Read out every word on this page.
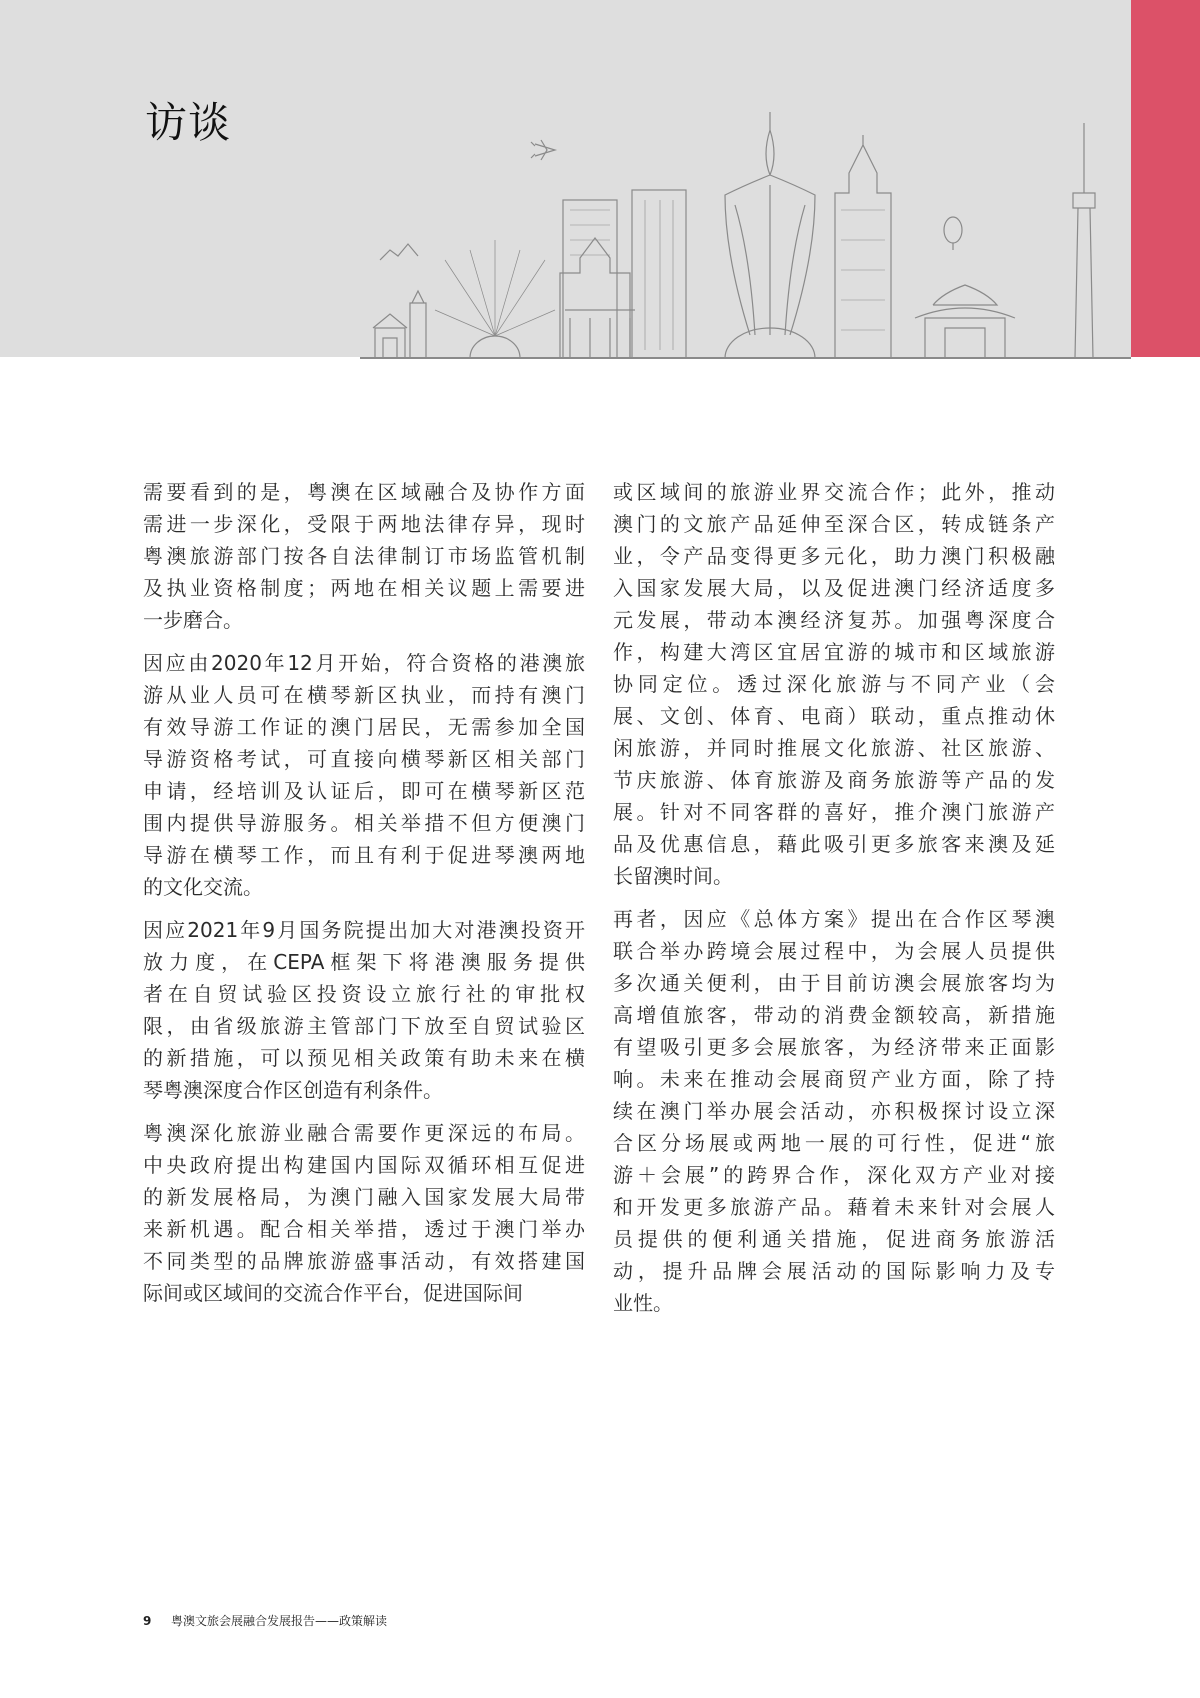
访谈
需要看到的是，粤澳在区域融合及协作方面
需进一步深化，受限于两地法律存异，现时
粤澳旅游部门按各自法律制订市场监管机制
及执业资格制度；两地在相关议题上需要进
一步磨合。
因应由2020年12月开始，符合资格的港澳旅
游从业人员可在横琴新区执业，而持有澳门
有效导游工作证的澳门居民，无需参加全国
导游资格考试，可直接向横琴新区相关部门
申请，经培训及认证后，即可在横琴新区范
围内提供导游服务。相关举措不但方便澳门
导游在横琴工作，而且有利于促进琴澳两地
的文化交流。
因应2021年9月国务院提出加大对港澳投资开
放力度，在CEPA框架下将港澳服务提供
者在自贸试验区投资设立旅行社的审批权
限，由省级旅游主管部门下放至自贸试验区
的新措施，可以预见相关政策有助未来在横
琴粤澳深度合作区创造有利条件。
粤澳深化旅游业融合需要作更深远的布局。
中央政府提出构建国内国际双循环相互促进
的新发展格局，为澳门融入国家发展大局带
来新机遇。配合相关举措，透过于澳门举办
不同类型的品牌旅游盛事活动，有效搭建国
际间或区域间的交流合作平台，促进国际间
或区域间的旅游业界交流合作；此外，推动
澳门的文旅产品延伸至深合区，转成链条产
业，令产品变得更多元化，助力澳门积极融
入国家发展大局，以及促进澳门经济适度多
元发展，带动本澳经济复苏。加强粤深度合
作，构建大湾区宜居宜游的城市和区域旅游
协同定位。透过深化旅游与不同产业（会
展、文创、体育、电商）联动，重点推动休
闲旅游，并同时推展文化旅游、社区旅游、
节庆旅游、体育旅游及商务旅游等产品的发
展。针对不同客群的喜好，推介澳门旅游产
品及优惠信息，藉此吸引更多旅客来澳及延
长留澳时间。
再者，因应《总体方案》提出在合作区琴澳
联合举办跨境会展过程中，为会展人员提供
多次通关便利，由于目前访澳会展旅客均为
高增值旅客，带动的消费金额较高，新措施
有望吸引更多会展旅客，为经济带来正面影
响。未来在推动会展商贸产业方面，除了持
续在澳门举办展会活动，亦积极探讨设立深
合区分场展或两地一展的可行性，促进“旅
游＋会展”的跨界合作，深化双方产业对接
和开发更多旅游产品。藉着未来针对会展人
员提供的便利通关措施，促进商务旅游活
动，提升品牌会展活动的国际影响力及专
业性。
9 粤澳文旅会展融合发展报告——政策解读
